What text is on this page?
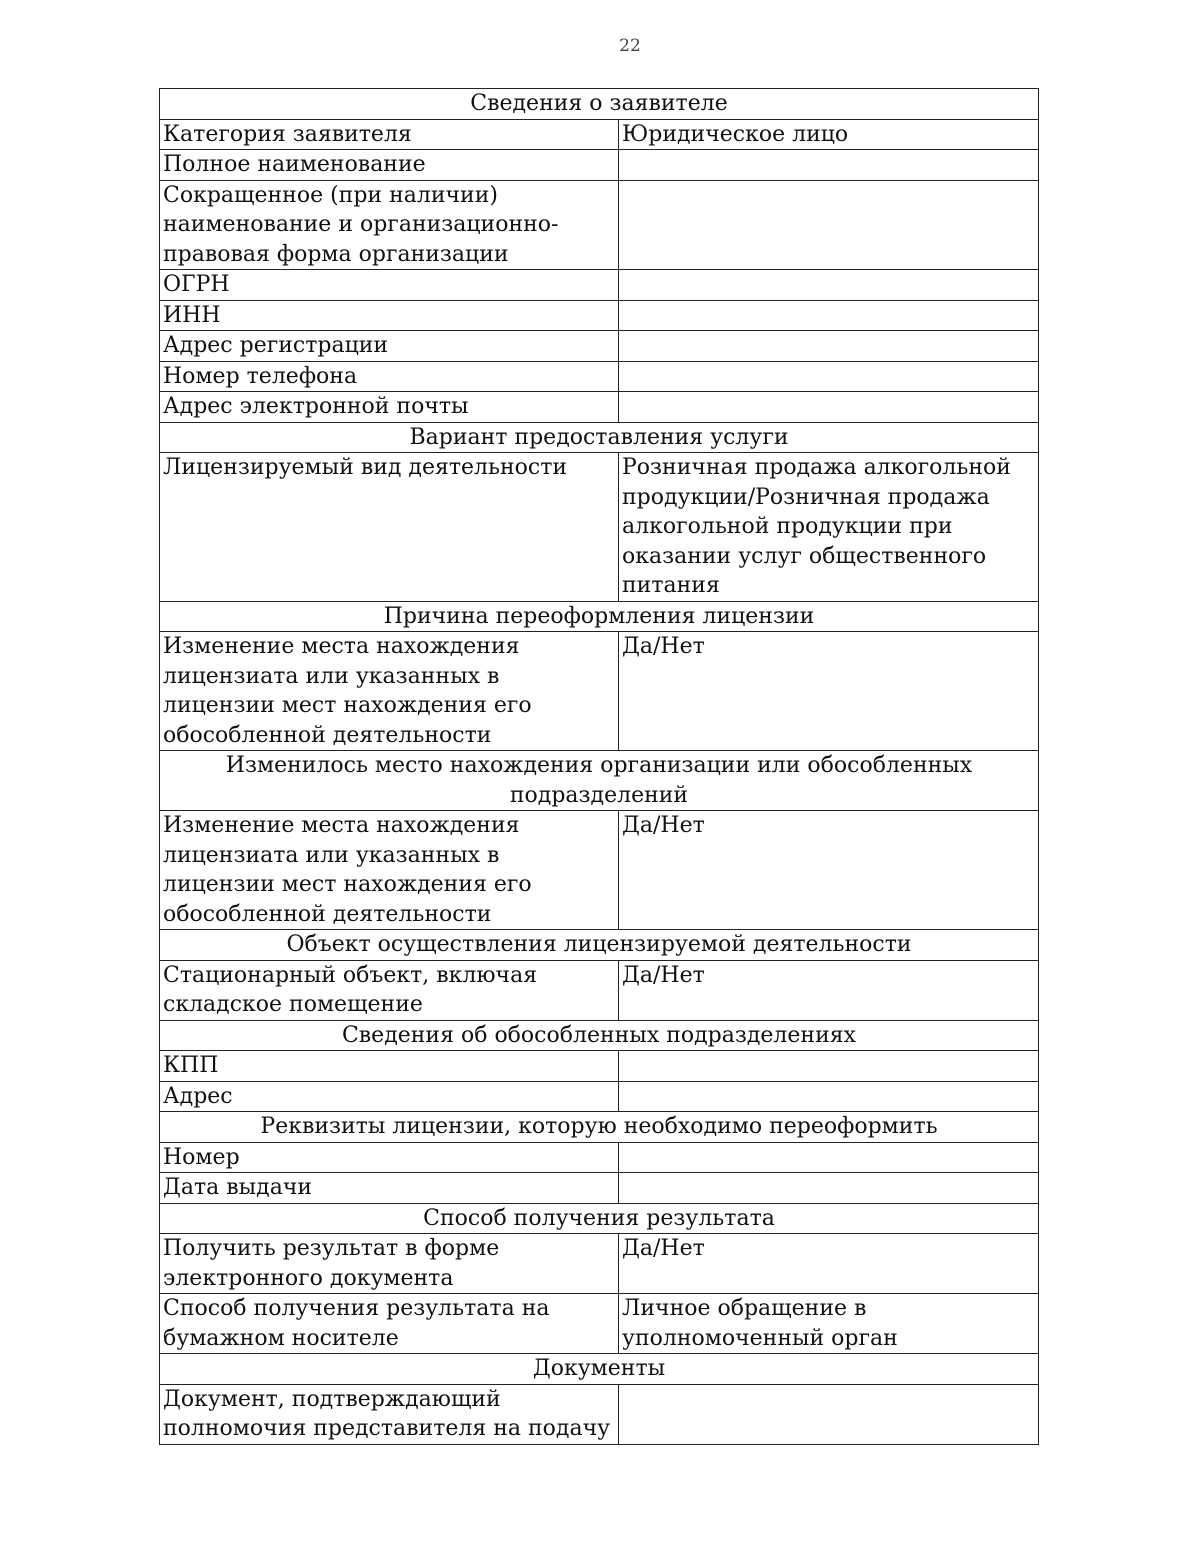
22
Сведения о заявителе	
Категория заявителя	Юридическое лицо
Полное наименование	
Сокращенное (при наличии) наименование и организационно-правовая форма организации	
ОГРН	
ИНН	
Адрес регистрации	
Номер телефона	
Адрес электронной почты	
Вариант предоставления услуги	
Лицензируемый вид деятельности	Розничная продажа алкогольной продукции/Розничная продажа алкогольной продукции при оказании услуг общественного питания
Причина переоформления лицензии	
Изменение места нахождения лицензиата или указанных в лицензии мест нахождения его обособленной деятельности	Да/Нет
Изменилось место нахождения организации или обособленных подразделений	
Изменение места нахождения лицензиата или указанных в лицензии мест нахождения его обособленной деятельности	Да/Нет
Объект осуществления лицензируемой деятельности	
Стационарный объект, включая складское помещение	Да/Нет
Сведения об обособленных подразделениях	
КПП	
Адрес	
Реквизиты лицензии, которую необходимо переоформить	
Номер	
Дата выдачи	
Способ получения результата	
Получить результат в форме электронного документа	Да/Нет
Способ получения результата на бумажном носителе	Личное обращение в уполномоченный орган
Документы	
Документ, подтверждающий полномочия представителя на подачу	
